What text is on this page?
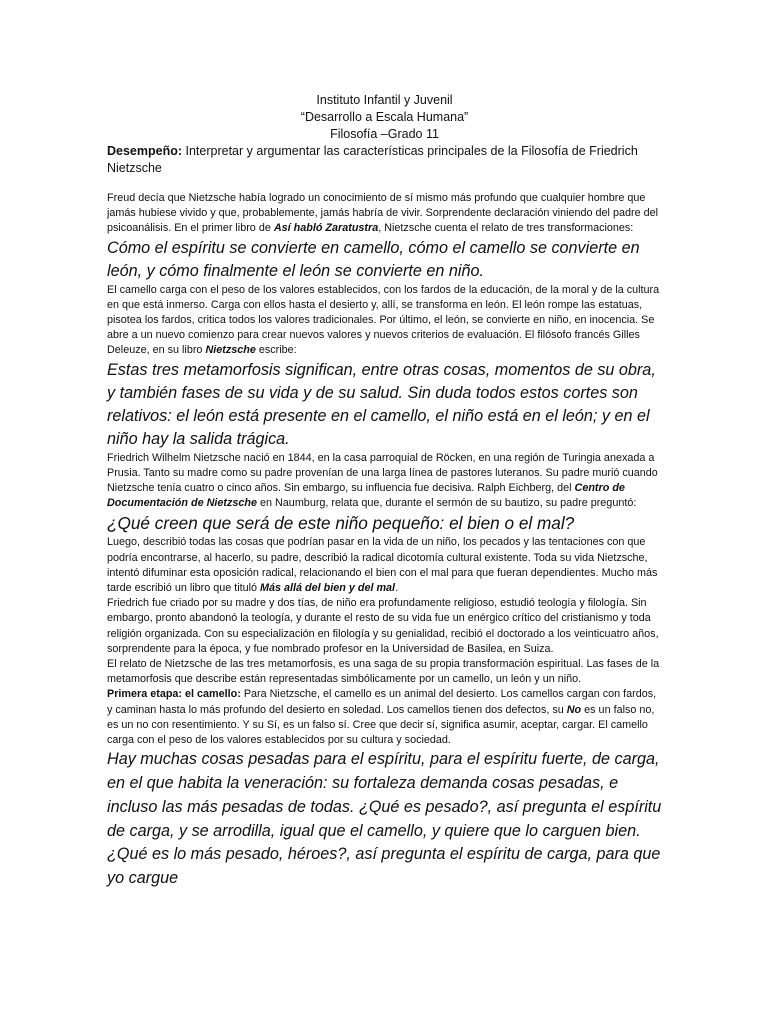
Instituto Infantil y Juvenil
“Desarrollo a Escala Humana”
Filosofía –Grado 11

Desempeño: Interpretar y argumentar las características principales de la Filosofía de Friedrich Nietzsche

Freud decía que Nietzsche había logrado un conocimiento de sí mismo más profundo que cualquier hombre que jamás hubiese vivido y que, probablemente, jamás habría de vivir. Sorprendente declaración viniendo del padre del psicoanálisis. En el primer libro de Así habló Zaratustra, Nietzsche cuenta el relato de tres transformaciones:

Cómo el espíritu se convierte en camello, cómo el camello se convierte en león, y cómo finalmente el león se convierte en niño.

El camello carga con el peso de los valores establecidos, con los fardos de la educación, de la moral y de la cultura en que está inmerso. Carga con ellos hasta el desierto y, allí, se transforma en león. El león rompe las estatuas, pisotea los fardos, critica todos los valores tradicionales. Por último, el león, se convierte en niño, en inocencia. Se abre a un nuevo comienzo para crear nuevos valores y nuevos criterios de evaluación. El filósofo francés Gilles Deleuze, en su libro Nietzsche escribe:

Estas tres metamorfosis significan, entre otras cosas, momentos de su obra, y también fases de su vida y de su salud. Sin duda todos estos cortes son relativos: el león está presente en el camello, el niño está en el león; y en el niño hay la salida trágica.

Friedrich Wilhelm Nietzsche nació en 1844, en la casa parroquial de Röcken, en una región de Turingia anexada a Prusia. Tanto su madre como su padre provenían de una larga línea de pastores luteranos. Su padre murió cuando Nietzsche tenía cuatro o cinco años. Sin embargo, su influencia fue decisiva. Ralph Eichberg, del Centro de Documentación de Nietzsche en Naumburg, relata que, durante el sermón de su bautizo, su padre preguntó:

¿Qué creen que será de este niño pequeño: el bien o el mal?

Luego, describió todas las cosas que podrían pasar en la vida de un niño, los pecados y las tentaciones con que podría encontrarse, al hacerlo, su padre, describió la radical dicotomía cultural existente. Toda su vida Nietzsche, intentó difuminar esta oposición radical, relacionando el bien con el mal para que fueran dependientes. Mucho más tarde escribió un libro que tituló Más allá del bien y del mal.

Friedrich fue criado por su madre y dos tías, de niño era profundamente religioso, estudió teología y filología. Sin embargo, pronto abandonó la teología, y durante el resto de su vida fue un enérgico crítico del cristianismo y toda religión organizada. Con su especialización en filología y su genialidad, recibió el doctorado a los veinticuatro años, sorprendente para la época, y fue nombrado profesor en la Universidad de Basilea, en Suiza.

El relato de Nietzsche de las tres metamorfosis, es una saga de su propia transformación espiritual. Las fases de la metamorfosis que describe están representadas simbólicamente por un camello, un león y un niño.

Primera etapa: el camello: Para Nietzsche, el camello es un animal del desierto. Los camellos cargan con fardos, y caminan hasta lo más profundo del desierto en soledad. Los camellos tienen dos defectos, su No es un falso no, es un no con resentimiento. Y su Sí, es un falso sí. Cree que decir sí, significa asumir, aceptar, cargar. El camello carga con el peso de los valores establecidos por su cultura y sociedad.

Hay muchas cosas pesadas para el espíritu, para el espíritu fuerte, de carga, en el que habita la veneración: su fortaleza demanda cosas pesadas, e incluso las más pesadas de todas. ¿Qué es pesado?, así pregunta el espíritu de carga, y se arrodilla, igual que el camello, y quiere que lo carguen bien. ¿Qué es lo más pesado, héroes?, así pregunta el espíritu de carga, para que yo cargue
